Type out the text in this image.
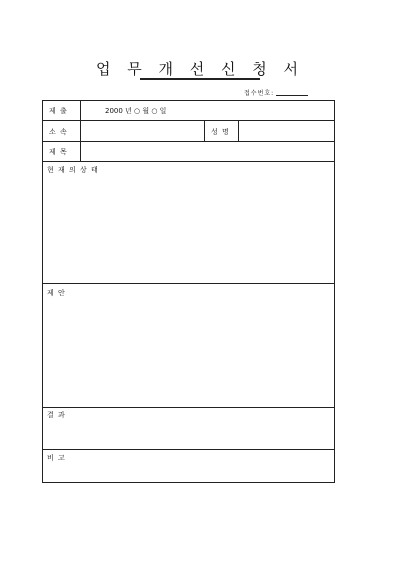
업 무 개 선 신 청 서
접수번호:
제 출	2000 년 ○ 월 ○ 일
소 속	성 명
제 목
현 재 의 상 태
제 안
결 과
비 고
